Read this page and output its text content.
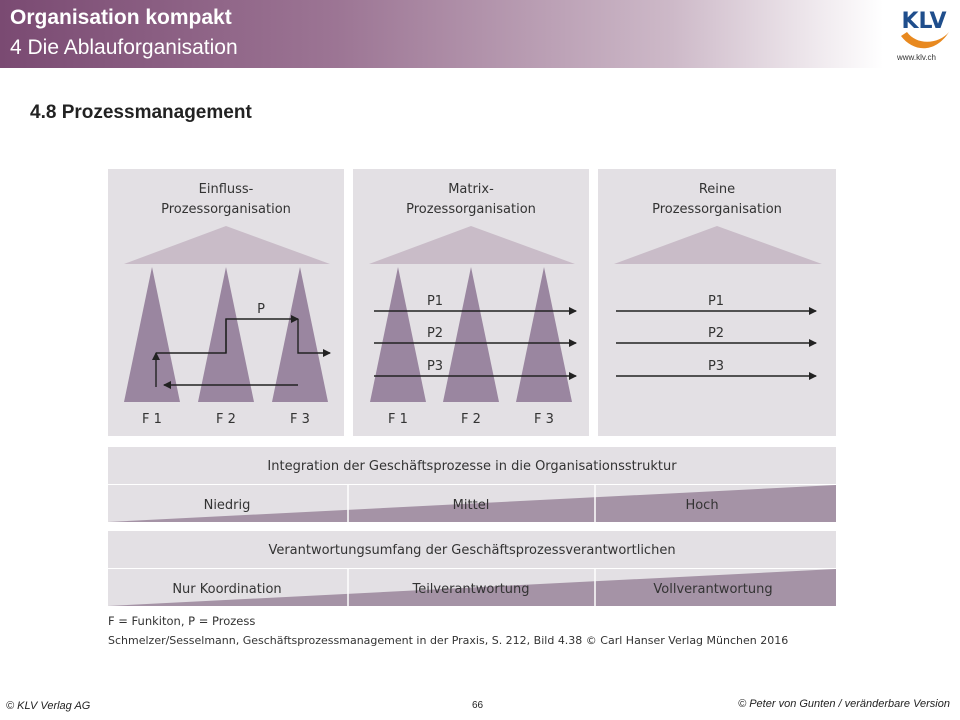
Organisation kompakt
4 Die Ablauforganisation
KLV
www.klv.ch
4.8 Prozessmanagement
Einfluss-
Prozessorganisation
P
F 1	F 2	F 3
Matrix-
Prozessorganisation
P1
P2
P3
F 1	F 2	F 3
Reine
Prozessorganisation
P1
P2
P3
Integration der Geschäftsprozesse in die Organisationsstruktur
Niedrig	Mittel	Hoch
Verantwortungsumfang der Geschäftsprozessverantwortlichen
Nur Koordination	Teilverantwortung	Vollverantwortung
F = Funkiton, P = Prozess
Schmelzer/Sesselmann, Geschäftsprozessmanagement in der Praxis, S. 212, Bild 4.38 © Carl Hanser Verlag München 2016
© KLV Verlag AG	66	© Peter von Gunten / veränderbare Version
